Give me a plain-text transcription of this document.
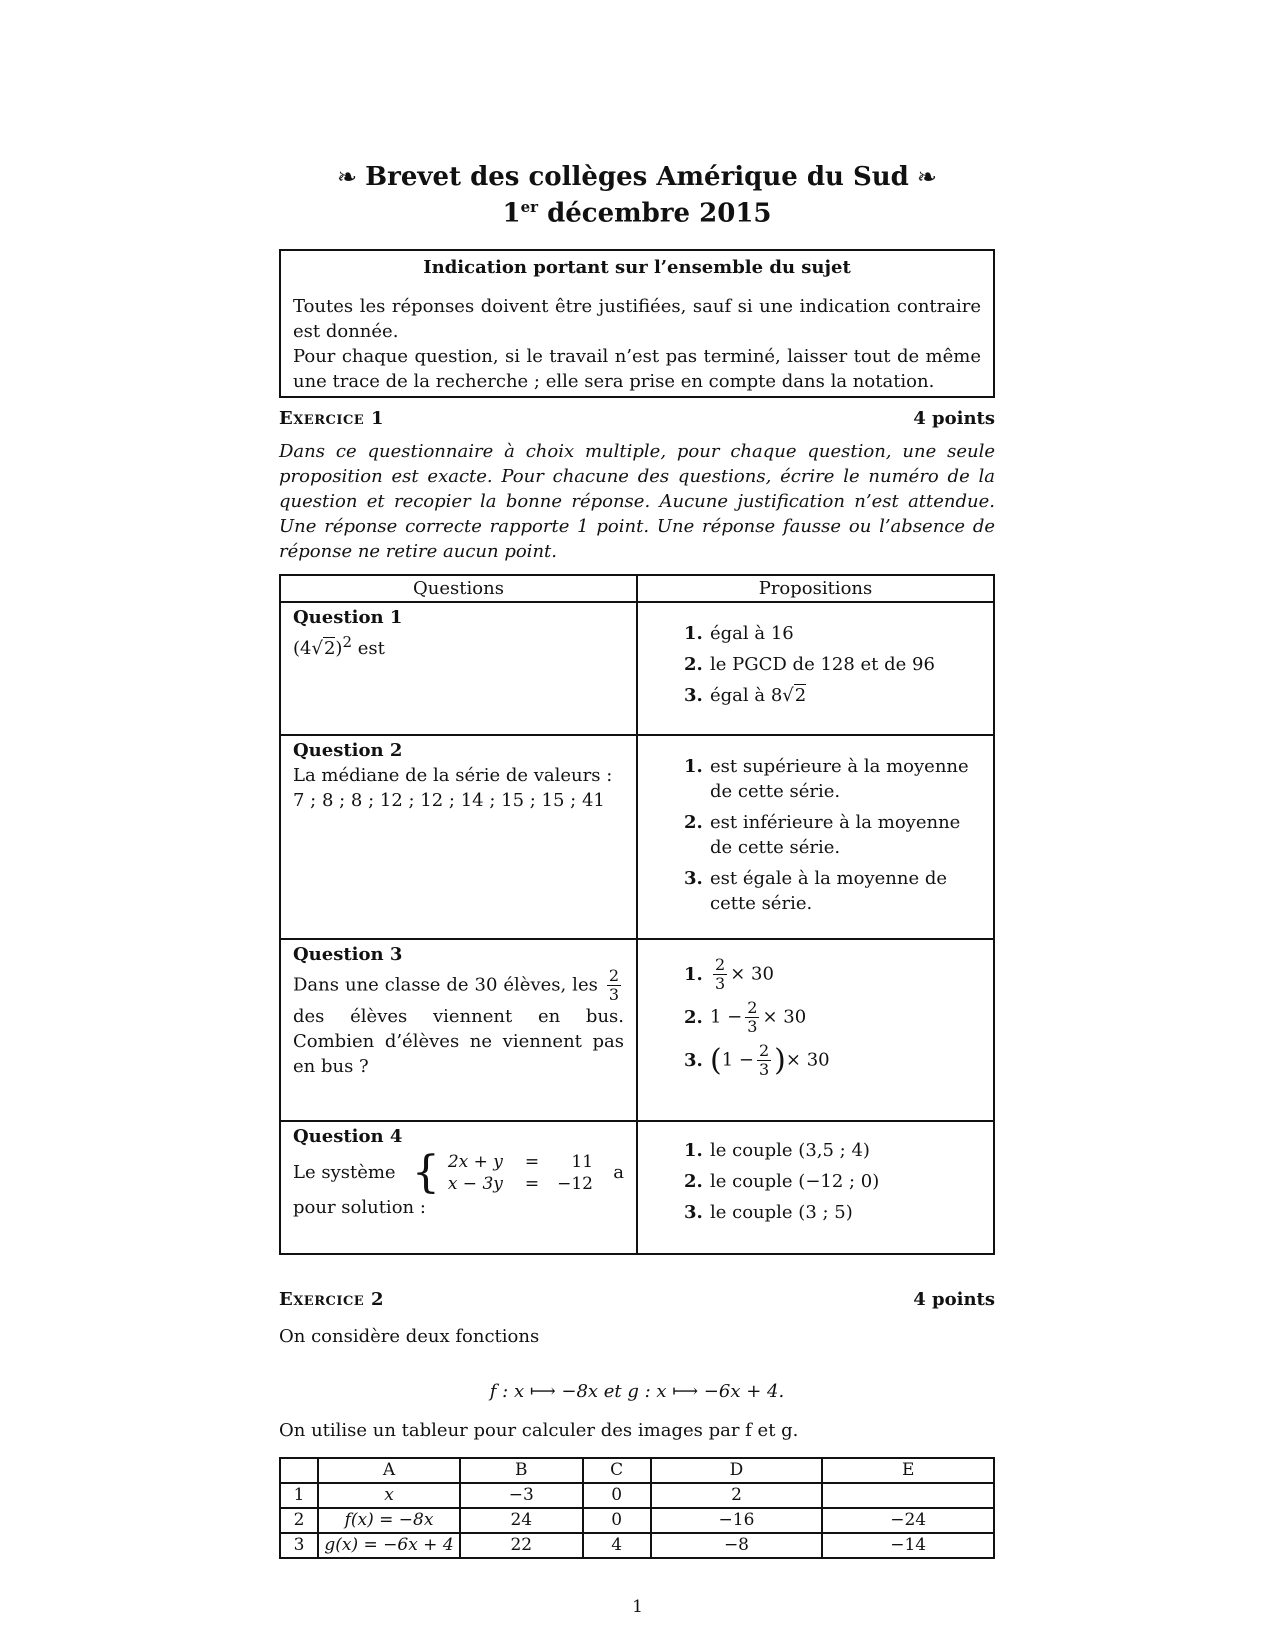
❧ Brevet des collèges Amérique du Sud ❧
1er décembre 2015
Indication portant sur l’ensemble du sujet

Toutes les réponses doivent être justifiées, sauf si une indication contraire est donnée.

Pour chaque question, si le travail n’est pas terminé, laisser tout de même une trace de la recherche ; elle sera prise en compte dans la notation.

Exercice 1	4 points
Dans ce questionnaire à choix multiple, pour chaque question, une seule proposition est exacte. Pour chacune des questions, écrire le numéro de la question et recopier la bonne réponse. Aucune justification n’est attendue. Une réponse correcte rapporte 1 point. Une réponse fausse ou l’absence de réponse ne retire aucun point.
Questions	Propositions

Question 1
$(4√2)^2$ est

1. égal à 16
2. le PGCD de 128 et de 96
3. égal à 8√2

Question 2
La médiane de la série de valeurs :
7 ; 8 ; 8 ; 12 ; 12 ; 14 ; 15 ; 15 ; 41

1. est supérieure à la moyenne de cette série.
2. est inférieure à la moyenne de cette série.
3. est égale à la moyenne de cette série.

Question 3
Dans une classe de 30 élèves, les $\frac{2}{3}$
des élèves viennent en bus. Combien d’élèves ne viennent pas en bus ?

1. $\frac{2}{3} \times 30$
2. $1 - \frac{2}{3} \times 30$
3. ($1 - \frac{2}{3}$ )× 30

Question 4
Le système { 2x + y	=	11
x − 3y	=	−12
a
pour solution :

1. le couple (3,5 ; 4)
2. le couple (−12 ; 0)
3. le couple (3 ; 5)
Exercice 2	4 points
On considère deux fonctions
f : x ⟼ −8x et g : x ⟼ −6x + 4.
On utilise un tableur pour calculer des images par f et g.
	A	B	C	D	E
1	x	−3	0	2	
2	f(x) = −8x	24	0	−16	−24
3	g(x) = −6x + 4	22	4	−8	−14
1
